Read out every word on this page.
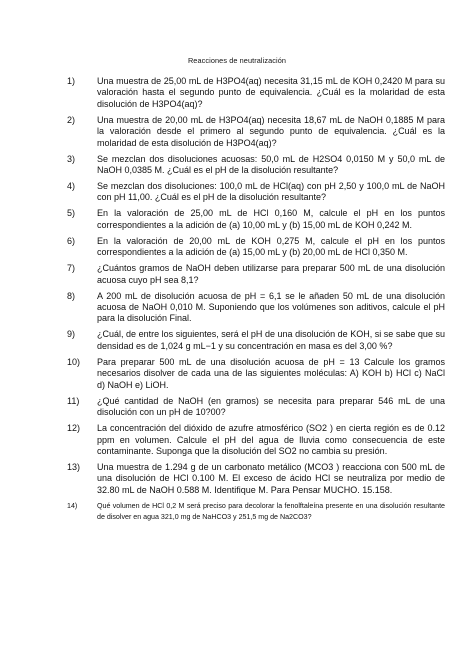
Reacciones de neutralización
1) Una muestra de 25,00 mL de H3PO4(aq) necesita 31,15 mL de KOH 0,2420 M para su valoración hasta el segundo punto de equivalencia. ¿Cuál es la molaridad de esta disolución de H3PO4(aq)?
2) Una muestra de 20,00 mL de H3PO4(aq) necesita 18,67 mL de NaOH 0,1885 M para la valoración desde el primero al segundo punto de equivalencia. ¿Cuál es la molaridad de esta disolución de H3PO4(aq)?
3) Se mezclan dos disoluciones acuosas: 50,0 mL de H2SO4 0,0150 M y 50,0 mL de NaOH 0,0385 M. ¿Cuál es el pH de la disolución resultante?
4) Se mezclan dos disoluciones: 100,0 mL de HCl(aq) con pH 2,50 y 100,0 mL de NaOH con pH 11,00. ¿Cuál es el pH de la disolución resultante?
5) En la valoración de 25,00 mL de HCl 0,160 M, calcule el pH en los puntos correspondientes a la adición de (a) 10,00 mL y (b) 15,00 mL de KOH 0,242 M.
6) En la valoración de 20,00 mL de KOH 0,275 M, calcule el pH en los puntos correspondientes a la adición de (a) 15,00 mL y (b) 20,00 mL de HCl 0,350 M.
7) ¿Cuántos gramos de NaOH deben utilizarse para preparar 500 mL de una disolución acuosa cuyo pH sea 8,1?
8) A 200 mL de disolución acuosa de pH = 6,1 se le añaden 50 mL de una disolución acuosa de NaOH 0,010 M. Suponiendo que los volúmenes son aditivos, calcule el pH para la disolución Final.
9) ¿Cuál, de entre los siguientes, será el pH de una disolución de KOH, si se sabe que su densidad es de 1,024 g mL−1 y su concentración en masa es del 3,00 %?
10) Para preparar 500 mL de una disolución acuosa de pH = 13 Calcule los gramos necesarios disolver de cada una de las siguientes moléculas: A) KOH b) HCl c) NaCl d) NaOH e) LiOH.
11) ¿Qué cantidad de NaOH (en gramos) se necesita para preparar 546 mL de una disolución con un pH de 10?00?
12) La concentración del dióxido de azufre atmosférico (SO2 ) en cierta región es de 0.12 ppm en volumen. Calcule el pH del agua de lluvia como consecuencia de este contaminante. Suponga que la disolución del SO2 no cambia su presión.
13) Una muestra de 1.294 g de un carbonato metálico (MCO3 ) reacciona con 500 mL de una disolución de HCl 0.100 M. El exceso de ácido HCl se neutraliza por medio de 32.80 mL de NaOH 0.588 M. Identifique M. Para Pensar MUCHO. 15.158.
14)	Qué volumen de HCl 0,2 M será preciso para decolorar la fenolftaleína presente en una disolución resultante de disolver en agua 321,0 mg de NaHCO3 y 251,5 mg de Na2CO3?
